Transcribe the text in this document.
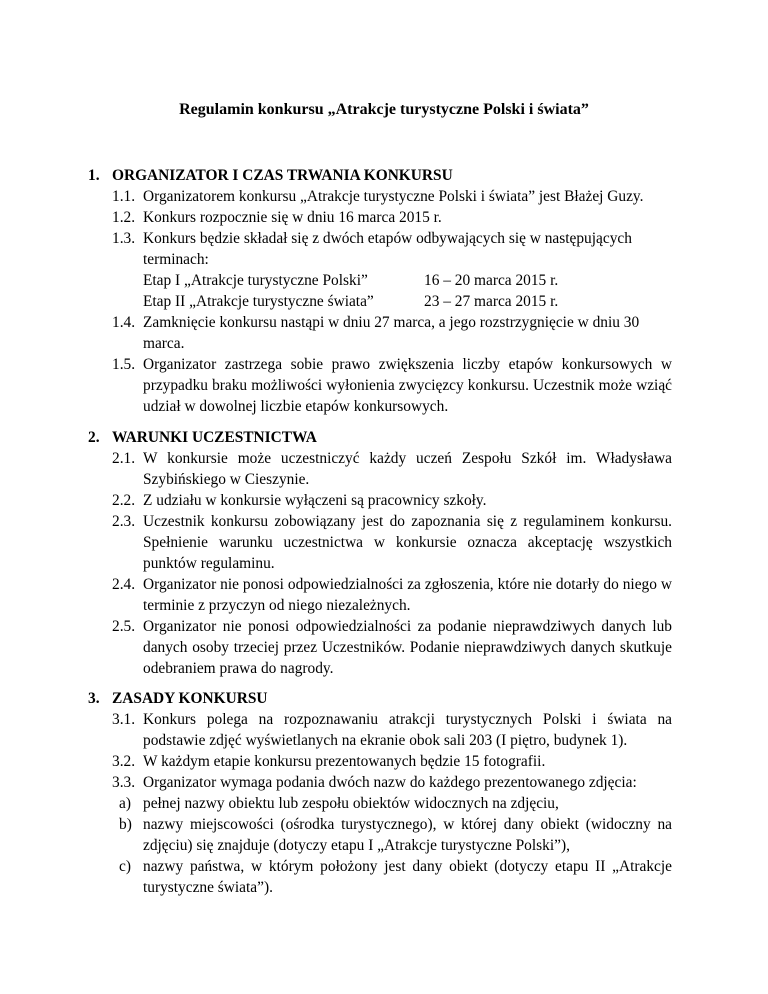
Regulamin konkursu „Atrakcje turystyczne Polski i świata”
1. ORGANIZATOR I CZAS TRWANIA KONKURSU
1.1. Organizatorem konkursu „Atrakcje turystyczne Polski i świata” jest Błażej Guzy.
1.2. Konkurs rozpocznie się w dniu 16 marca 2015 r.
1.3. Konkurs będzie składał się z dwóch etapów odbywających się w następujących terminach:
Etap I „Atrakcje turystyczne Polski”	16 – 20 marca 2015 r.
Etap II „Atrakcje turystyczne świata”	23 – 27 marca 2015 r.
1.4. Zamknięcie konkursu nastąpi w dniu 27 marca, a jego rozstrzygnięcie w dniu 30 marca.
1.5. Organizator zastrzega sobie prawo zwiększenia liczby etapów konkursowych w przypadku braku możliwości wyłonienia zwycięzcy konkursu. Uczestnik może wziąć udział w dowolnej liczbie etapów konkursowych.
2. WARUNKI UCZESTNICTWA
2.1. W konkursie może uczestniczyć każdy uczeń Zespołu Szkół im. Władysława Szybińskiego w Cieszynie.
2.2. Z udziału w konkursie wyłączeni są pracownicy szkoły.
2.3. Uczestnik konkursu zobowiązany jest do zapoznania się z regulaminem konkursu. Spełnienie warunku uczestnictwa w konkursie oznacza akceptację wszystkich punktów regulaminu.
2.4. Organizator nie ponosi odpowiedzialności za zgłoszenia, które nie dotarły do niego w terminie z przyczyn od niego niezależnych.
2.5. Organizator nie ponosi odpowiedzialności za podanie nieprawdziwych danych lub danych osoby trzeciej przez Uczestników. Podanie nieprawdziwych danych skutkuje odebraniem prawa do nagrody.
3. ZASADY KONKURSU
3.1. Konkurs polega na rozpoznawaniu atrakcji turystycznych Polski i świata na podstawie zdjęć wyświetlanych na ekranie obok sali 203 (I piętro, budynek 1).
3.2. W każdym etapie konkursu prezentowanych będzie 15 fotografii.
3.3. Organizator wymaga podania dwóch nazw do każdego prezentowanego zdjęcia:
a) pełnej nazwy obiektu lub zespołu obiektów widocznych na zdjęciu,
b) nazwy miejscowości (ośrodka turystycznego), w której dany obiekt (widoczny na zdjęciu) się znajduje (dotyczy etapu I „Atrakcje turystyczne Polski”),
c) nazwy państwa, w którym położony jest dany obiekt (dotyczy etapu II „Atrakcje turystyczne świata”).
